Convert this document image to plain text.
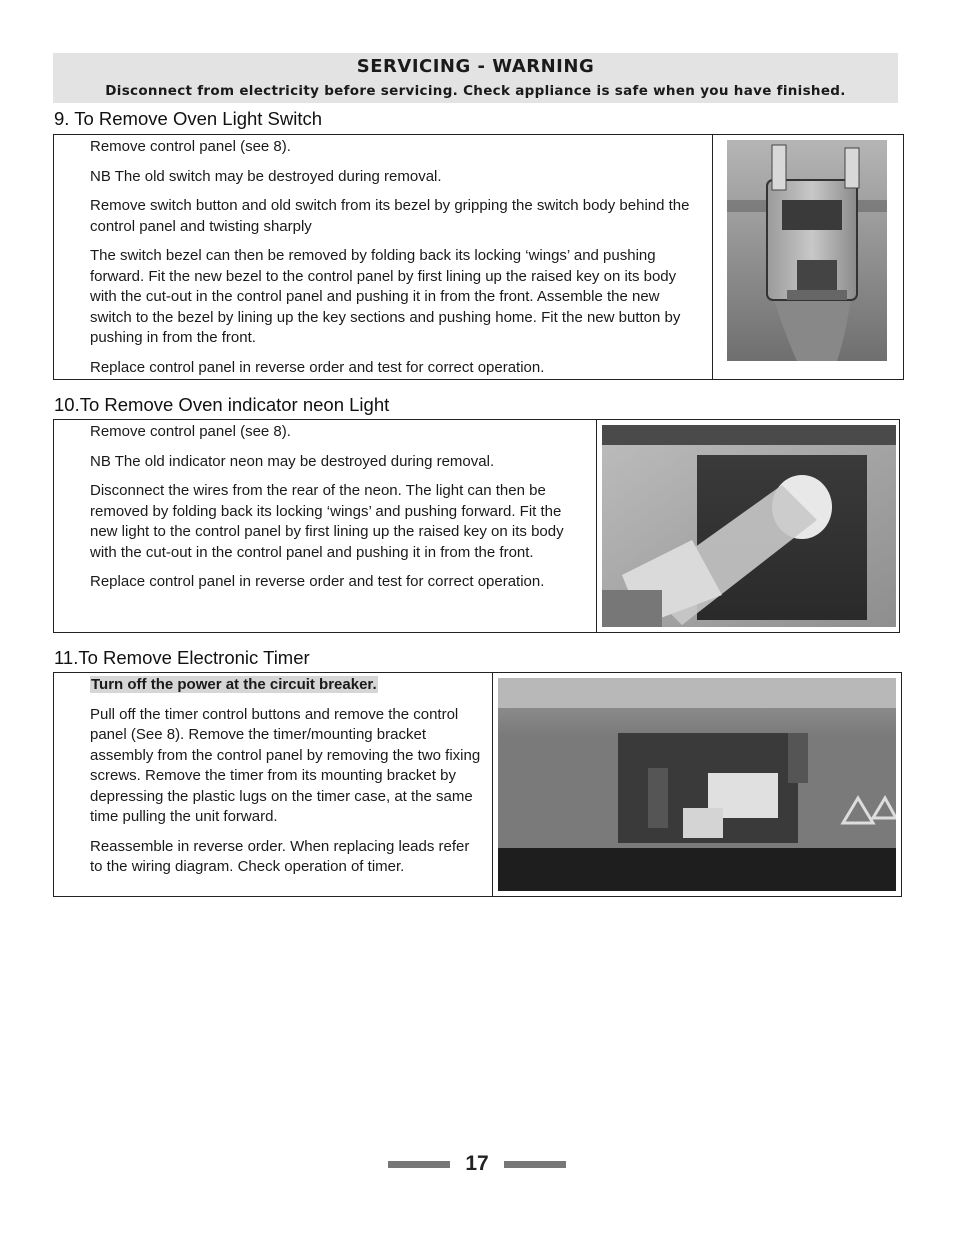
SERVICING - WARNING
Disconnect from electricity before servicing. Check appliance is safe when you have finished.
9. To Remove Oven Light Switch

Remove control panel (see 8).

NB The old switch may be destroyed during removal.

Remove switch button and old switch from its bezel by gripping the switch body behind the control panel and twisting sharply

The switch bezel can then be removed by folding back its locking ‘wings’ and pushing forward. Fit the new bezel to the control panel by first lining up the raised key on its body with the cut-out in the control panel and pushing it in from the front. Assemble the new switch to the bezel by lining up the key sections and pushing home. Fit the new button by pushing in from the front.

Replace control panel in reverse order and test for correct operation.

10.To Remove Oven indicator neon Light

Remove control panel (see 8).

NB The old indicator neon may be destroyed during removal.

Disconnect the wires from the rear of the neon. The light can then be removed by folding back its locking ‘wings’ and pushing forward. Fit the new light to the control panel by first lining up the raised key on its body with the cut-out in the control panel and pushing it in from the front.

Replace control panel in reverse order and test for correct operation.

11.To Remove Electronic Timer

Turn off the power at the circuit breaker.

Pull off the timer control buttons and remove the control panel (See 8). Remove the timer/mounting bracket assembly from the control panel by removing the two fixing screws. Remove the timer from its mounting bracket by depressing the plastic lugs on the timer case, at the same time pulling the unit forward.

Reassemble in reverse order. When replacing leads refer to the wiring diagram. Check operation of timer.

17
